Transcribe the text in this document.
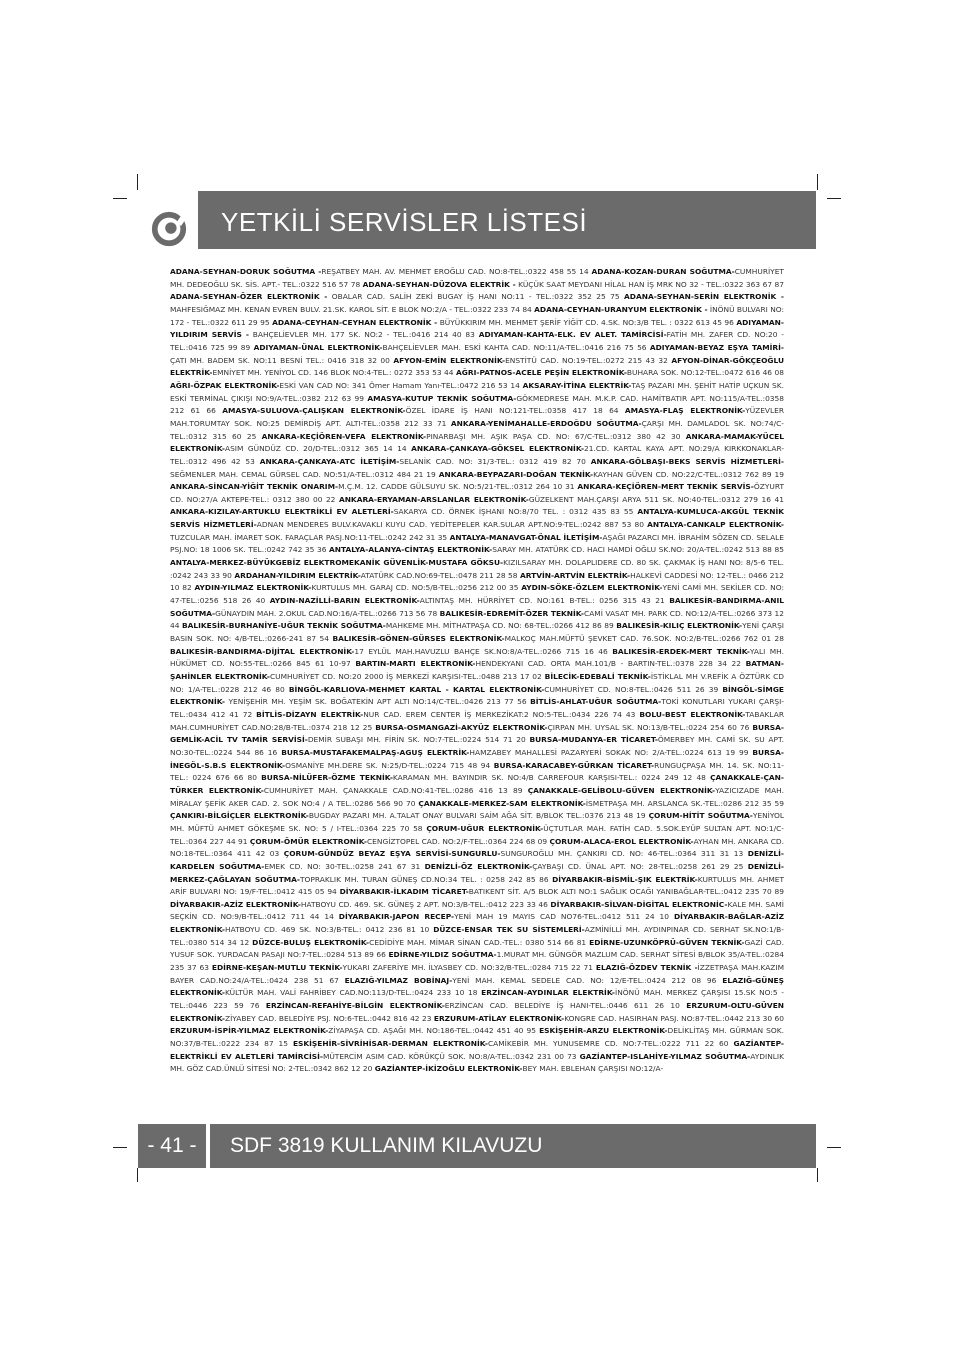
YETKİLİ SERVİSLER LİSTESİ
ADANA-SEYHAN-DORUK SOĞUTMA -REŞATBEY MAH. AV. MEHMET EROĞLU CAD. NO:8-TEL.:0322 458 55 14 ADANA-KOZAN-DURAN SOĞUTMA-CUMHURİYET MH. DEDEOĞLU SK. SİS. APT.- TEL.:0322 516 57 78 ADANA-SEYHAN-DÜZOVA ELEKTRİK - KÜÇÜK SAAT MEYDANI HİLAL HAN İŞ MRK NO 32 - TEL.:0322 363 67 87 ADANA-SEYHAN-ÖZER ELEKTRONİK - OBALAR CAD. SALİH ZEKİ BUGAY İŞ HANI NO:11 - TEL.:0322 352 25 75 ADANA-SEYHAN-SERİN ELEKTRONİK - MAHFESIĞMAZ MH. KENAN EVREN BULV. 21.SK. KAROL SİT. E BLOK NO:2/A - TEL.:0322 233 74 84 ADANA-CEYHAN-URANYUM ELEKTRONİK - İNÖNÜ BULVARI NO: 172 - TEL.:0322 611 29 95 ADANA-CEYHAN-CEYHAN ELEKTRONİK - BÜYÜKKIRIM MH. MEHMET ŞERİF YİĞİT CD. 4.SK. NO:3/B TEL. : 0322 613 45 96 ADIYAMAN-YILDIRIM SERVİS - BAHÇELİEVLER MH. 177 SK. NO:2 - TEL.:0416 214 40 83 ADIYAMAN-KAHTA-ELK. EV ALET. TAMİRCİSİ-FATİH MH. ZAFER CD. NO:20 - TEL.:0416 725 99 89 ADIYAMAN-ÜNAL ELEKTRONİK-BAHÇELİEVLER MAH. ESKİ KAHTA CAD. NO:11/A-TEL.:0416 216 75 56 ADIYAMAN-BEYAZ EŞYA TAMİRİ-ÇATI MH. BADEM SK. NO:11 BESNİ TEL.: 0416 318 32 00 AFYON-EMİN ELEKTRONİK-ENSTİTÜ CAD. NO:19-TEL.:0272 215 43 32 AFYON-DİNAR-GÖKÇEOĞLU ELEKTRİK-EMNİYET MH. YENİYOL CD. 146 BLOK NO:4-TEL.: 0272 353 53 44 AĞRI-PATNOS-ACELE PEŞİN ELEKTRONİK-BUHARA SOK. NO:12-TEL.:0472 616 46 08 AĞRI-ÖZPAK ELEKTRONİK-ESKİ VAN CAD NO: 341 Ömer Hamam Yanı-TEL.:0472 216 53 14 AKSARAY-İTİNA ELEKTRİK-TAŞ PAZARI MH. ŞEHİT HATİP UÇKUN SK. ESKİ TERMİNAL ÇIKIŞI NO:9/A-TEL.:0382 212 63 99 AMASYA-KUTUP TEKNİK SOĞUTMA-GÖKMEDRESE MAH. M.K.P. CAD. HAMİTBATIR APT. NO:115/A-TEL.:0358 212 61 66 AMASYA-SULUOVA-ÇALIŞKAN ELEKTRONİK-ÖZEL İDARE İŞ HANI NO:121-TEL.:0358 417 18 64 AMASYA-FLAŞ ELEKTRONİK-YÜZEVLER MAH.TORUMTAY SOK. NO:25 DEMİRDİŞ APT. ALTI-TEL.:0358 212 33 71 ANKARA-YENİMAHALLE-ERDOĞDU SOĞUTMA-ÇARŞI MH. DAMLADOL SK. NO:74/C-TEL.:0312 315 60 25 ANKARA-KEÇİÖREN-VEFA ELEKTRONİK-PINARBAŞI MH. AŞIK PAŞA CD. NO: 67/C-TEL.:0312 380 42 30 ANKARA-MAMAK-YÜCEL ELEKTRONİK-ASIM GÜNDÜZ CD. 20/D-TEL.:0312 365 14 14 ANKARA-ÇANKAYA-GÖKSEL ELEKTRONİK-21.CD. KARTAL KAYA APT. NO:29/A KIRKKONAKLAR-TEL.:0312 496 42 53 ANKARA-ÇANKAYA-ATC İLETİŞİM-SELANİK CAD. NO: 31/3-TEL.: 0312 419 82 70 ANKARA-GÖLBAŞI-BEKS SERVİS HİZMETLERİ-SEĞMENLER MAH. CEMAL GÜRSEL CAD. NO:51/A-TEL.:0312 484 21 19 ANKARA-BEYPAZARI-DOĞAN TEKNİK-KAYHAN GÜVEN CD. NO:22/C-TEL.:0312 762 89 19 ANKARA-SİNCAN-YİĞİT TEKNİK ONARIM-M.Ç.M. 12. CADDE GÜLSUYU SK. NO:5/21-TEL.:0312 264 10 31 ANKARA-KEÇİÖREN-MERT TEKNİK SERVİS-ÖZYURT CD. NO:27/A AKTEPE-TEL.: 0312 380 00 22 ANKARA-ERYAMAN-ARSLANLAR ELEKTRONİK-GÜZELKENT MAH.ÇARŞI ARYA 511 SK. NO:40-TEL.:0312 279 16 41 ANKARA-KIZILAY-ARTUKLU ELEKTRİKLİ EV ALETLERİ-SAKARYA CD. ÖRNEK İŞHANI NO:8/70 TEL. : 0312 435 83 55 ANTALYA-KUMLUCA-AKGÜL TEKNİK SERVİS HİZMETLERİ-ADNAN MENDERES BULV.KAVAKLI KUYU CAD. YEDİTEPELER KAR.SULAR APT.NO:9-TEL.:0242 887 53 80 ANTALYA-CANKALP ELEKTRONİK-TUZCULAR MAH. İMARET SOK. FARAÇLAR PASJ.NO:11-TEL.:0242 242 31 35 ANTALYA-MANAVGAT-ÖNAL İLETİŞİM-AŞAĞI PAZARCI MH. İBRAHİM SÖZEN CD. SELALE PSJ.NO: 18 1006 SK. TEL.:0242 742 35 36 ANTALYA-ALANYA-CİNTAŞ ELEKTRONİK-SARAY MH. ATATÜRK CD. HACI HAMDİ OĞLU SK.NO: 20/A-TEL.:0242 513 88 85 ANTALYA-MERKEZ-BÜYÜKGEBİZ ELEKTROMEKANİK GÜVENLİK-MUSTAFA GÖKSU-KIZILSARAY MH. DOLAPLIDERE CD. 80 SK. ÇAKMAK İŞ HANI NO: 8/5-6 TEL. :0242 243 33 90 ARDAHAN-YILDIRIM ELEKTRİK-ATATÜRK CAD.NO:69-TEL.:0478 211 28 58 ARTVİN-ARTVİN ELEKTRİK-HALKEVİ CADDESİ NO: 12-TEL.: 0466 212 10 82 AYDIN-YILMAZ ELEKTRONİK-KURTULUS MH. GARAJ CD. NO:5/B-TEL.:0256 212 00 35 AYDIN-SÖKE-ÖZLEM ELEKTRONİK-YENİ CAMİ MH. SEKİLER CD. NO: 47-TEL.:0256 518 26 40 AYDIN-NAZİLLİ-BARIN ELEKTRONİK-ALTINTAŞ MH. HÜRRİYET CD. NO:161 B-TEL.: 0256 315 43 21 BALIKESİR-BANDIRMA-ANIL SOĞUTMA-GÜNAYDIN MAH. 2.OKUL CAD.NO:16/A-TEL.:0266 713 56 78 BALIKESİR-EDREMİT-ÖZER TEKNİK-CAMİ VASAT MH. PARK CD. NO:12/A-TEL.:0266 373 12 44 BALIKESİR-BURHANİYE-UĞUR TEKNİK SOĞUTMA-MAHKEME MH. MİTHATPAŞA CD. NO: 68-TEL.:0266 412 86 89 BALIKESİR-KILIÇ ELEKTRONİK-YENİ ÇARŞI BASIN SOK. NO: 4/B-TEL.:0266-241 87 54 BALIKESİR-GÖNEN-GÜRSES ELEKTRONİK-MALKOÇ MAH.MÜFTÜ ŞEVKET CAD. 76.SOK. NO:2/B-TEL.:0266 762 01 28 BALIKESİR-BANDIRMA-DİJİTAL ELEKTRONİK-17 EYLÜL MAH.HAVUZLU BAHÇE SK.NO:8/A-TEL.:0266 715 16 46 BALIKESİR-ERDEK-MERT TEKNİK-YALI MH. HÜKÜMET CD. NO:55-TEL.:0266 845 61 10-97 BARTIN-MARTI ELEKTRONİK-HENDEKYANI CAD. ORTA MAH.101/B - BARTIN-TEL.:0378 228 34 22 BATMAN-ŞAHİNLER ELEKTRONİK-CUMHURİYET CD. NO:20 2000 İŞ MERKEZİ KARŞISI-TEL.:0488 213 17 02 BİLECİK-EDEBALİ TEKNİK-İSTİKLAL MH V.REFİK A ÖZTÜRK CD NO: 1/A-TEL.:0228 212 46 80 BİNGÖL-KARLIOVA-MEHMET KARTAL - KARTAL ELEKTRONİK-CUMHURİYET CD. NO:8-TEL.:0426 511 26 39 BİNGÖL-SİMGE ELEKTRONİK- YENİŞEHİR MH. YEŞİM SK. BOĞATEKİN APT ALTI NO:14/C-TEL.:0426 213 77 56 BİTLİS-AHLAT-UĞUR SOĞUTMA-TOKİ KONUTLARI YUKARI ÇARŞI-TEL.:0434 412 41 72 BİTLİS-DİZAYN ELEKTRİK-NUR CAD. EREM CENTER İŞ MERKEZİKAT:2 NO:5-TEL.:0434 226 74 43 BOLU-BEST ELEKTRONİK-TABAKLAR MAH.CUMHURİYET CAD.NO:28/B-TEL.:0374 218 12 25 BURSA-OSMANGAZİ-AKYÜZ ELEKTRONİK-ÇIRPAN MH. UYSAL SK. NO:13/B-TEL.:0224 254 60 76 BURSA-GEMLİK-ACİL TV TAMİR SERVİSİ-DEMİR SUBAŞI MH. FİRİN SK. NO:7-TEL.:0224 514 71 20 BURSA-MUDANYA-ER TİCARET-ÖMERBEY MH. CAMİ SK. SU APT. NO:30-TEL.:0224 544 86 16 BURSA-MUSTAFAKEMALPAŞ-AGUŞ ELEKTRİK-HAMZABEY MAHALLESİ PAZARYERİ SOKAK NO: 2/A-TEL.:0224 613 19 99 BURSA-İNEGÖL-S.B.S ELEKTRONİK-OSMANİYE MH.DERE SK. N:25/D-TEL.:0224 715 48 94 BURSA-KARACABEY-GÜRKAN TİCARET-RUNGUÇPAŞA MH. 14. SK. NO:11-TEL.: 0224 676 66 80 BURSA-NİLÜFER-ÖZME TEKNİK-KARAMAN MH. BAYINDIR SK. NO:4/B CARREFOUR KARŞISI-TEL.: 0224 249 12 48 ÇANAKKALE-ÇAN-TÜRKER ELEKTRONİK-CUMHURİYET MAH. ÇANAKKALE CAD.NO:41-TEL.:0286 416 13 89 ÇANAKKALE-GELİBOLU-GÜVEN ELEKTRONİK-YAZICIZADE MAH. MİRALAY ŞEFİK AKER CAD. 2. SOK NO:4 / A TEL.:0286 566 90 70 ÇANAKKALE-MERKEZ-SAM ELEKTRONİK-İSMETPAŞA MH. ARSLANCA SK.-TEL.:0286 212 35 59 ÇANKIRI-BİLGİÇLER ELEKTRONİK-BUGDAY PAZARI MH. A.TALAT ONAY BULVARI SAİM AĞA SİT. B/BLOK TEL.:0376 213 48 19 ÇORUM-HİTİT SOĞUTMA-YENİYOL MH. MÜFTÜ AHMET GÖKEŞME SK. NO: 5 / I-TEL.:0364 225 70 58 ÇORUM-UĞUR ELEKTRONİK-ÜÇTUTLAR MAH. FATİH CAD. 5.SOK.EYÜP SULTAN APT. NO:1/C-TEL.:0364 227 44 91 ÇORUM-ÖMÜR ELEKTRONİK-CENGİZTOPEL CAD. NO:2/F-TEL.:0364 224 68 09 ÇORUM-ALACA-EROL ELEKTRONİK-AYHAN MH. ANKARA CD. NO:18-TEL.:0364 411 42 03 ÇORUM-GÜNDÜZ BEYAZ EŞYA SERVİSİ-SUNGURLU-SUNGUROĞLU MH. ÇANKIRI CD. NO: 46-TEL.:0364 311 31 13 DENİZLİ-KARDELEN SOĞUTMA-EMEK CD. NO: 30-TEL.:0258 241 67 31 DENİZLİ-ÖZ ELEKTRONİK-ÇAYBAŞI CD. ÜNAL APT. NO: 28-TEL.:0258 261 29 25 DENİZLİ-MERKEZ-ÇAĞLAYAN SOĞUTMA-TOPRAKLIK MH. TURAN GÜNEŞ CD.NO:34 TEL. : 0258 242 85 86 DİYARBAKIR-BİSMİL-ŞIK ELEKTRİK-KURTULUS MH. AHMET ARİF BULVARI NO: 19/F-TEL.:0412 415 05 94 DİYARBAKIR-İLKADIM TİCARET-BATIKENT SİT. A/5 BLOK ALTI NO:1 SAĞLIK OCAĞI YANIBAĞLAR-TEL.:0412 235 70 89 DİYARBAKIR-AZİZ ELEKTRONİK-HATBOYU CD. 469. SK. GÜNEŞ 2 APT. NO:3/B-TEL.:0412 223 33 46 DİYARBAKIR-SİLVAN-DİGİTAL ELEKTRONİC-KALE MH. SAMİ SEÇKİN CD. NO:9/B-TEL.:0412 711 44 14 DİYARBAKIR-JAPON RECEP-YENİ MAH 19 MAYIS CAD NO76-TEL.:0412 511 24 10 DİYARBAKIR-BAĞLAR-AZİZ ELEKTRONİK-HATBOYU CD. 469 SK. NO:3/B-TEL.: 0412 236 81 10 DÜZCE-ENSAR TEK SU SİSTEMLERİ-AZMİNİLLİ MH. AYDINPINAR CD. SERHAT SK.NO:1/B-TEL.:0380 514 34 12 DÜZCE-BULUŞ ELEKTRONİK-CEDİDİYE MAH. MİMAR SİNAN CAD.-TEL.: 0380 514 66 81 EDİRNE-UZUNKÖPRÜ-GÜVEN TEKNİK-GAZİ CAD. YUSUF SOK. YURDACAN PASAJI NO:7-TEL.:0284 513 89 66 EDİRNE-YILDIZ SOĞUTMA-1.MURAT MH. GÜNGÖR MAZLUM CAD. SERHAT SİTESİ B/BLOK 35/A-TEL.:0284 235 37 63 EDİRNE-KEŞAN-MUTLU TEKNİK-YUKARI ZAFERİYE MH. İLYASBEY CD. NO:32/B-TEL.:0284 715 22 71 ELAZIĞ-ÖZDEV TEKNİK -İZZETPAŞA MAH.KAZIM BAYER CAD.NO:24/A-TEL.:0424 238 51 67 ELAZIĞ-YILMAZ BOBİNAJ-YENİ MAH. KEMAL SEDELE CAD. NO: 12/E-TEL.:0424 212 08 96 ELAZIĞ-GÜNEŞ ELEKTRONİK-KÜLTÜR MAH. VALİ FAHRİBEY CAD.NO:113/D-TEL.:0424 233 10 18 ERZİNCAN-AYDINLAR ELEKTRİK-İNÖNÜ MAH. MERKEZ ÇARŞISI 15.SK NO:5 -TEL.:0446 223 59 76 ERZİNCAN-REFAHİYE-BİLGİN ELEKTRONİK-ERZİNCAN CAD. BELEDİYE İŞ HANI-TEL.:0446 611 26 10 ERZURUM-OLTU-GÜVEN ELEKTRONİK-ZİYABEY CAD. BELEDİYE PSJ. NO:6-TEL.:0442 816 42 23 ERZURUM-ATİLAY ELEKTRONİK-KONGRE CAD. HASIRHAN PASJ. NO:87-TEL.:0442 213 30 60 ERZURUM-İSPİR-YILMAZ ELEKTRONİK-ZİYAPAŞA CD. AŞAĞI MH. NO:186-TEL.:0442 451 40 95 ESKİŞEHİR-ARZU ELEKTRONİK-DELİKLİTAŞ MH. GÜRMAN SOK. NO:37/B-TEL.:0222 234 87 15 ESKİŞEHİR-SİVRİHİSAR-DERMAN ELEKTRONİK-CAMİKEBİR MH. YUNUSEMRE CD. NO:7-TEL.:0222 711 22 60 GAZİANTEP-ELEKTRİKLİ EV ALETLERİ TAMİRCİSİ-MÜTERCİM ASIM CAD. KÖRÜKÇÜ SOK. NO:8/A-TEL.:0342 231 00 73 GAZİANTEP-ISLAHİYE-YILMAZ SOĞUTMA-AYDINLIK MH. GÖZ CAD.ÜNLÜ SİTESİ NO: 2-TEL.:0342 862 12 20 GAZİANTEP-İKİZOĞLU ELEKTRONİK-BEY MAH. EBLEHAN ÇARŞISI NO:12/A-
- 41 -	SDF 3819 KULLANIM KILAVUZU
